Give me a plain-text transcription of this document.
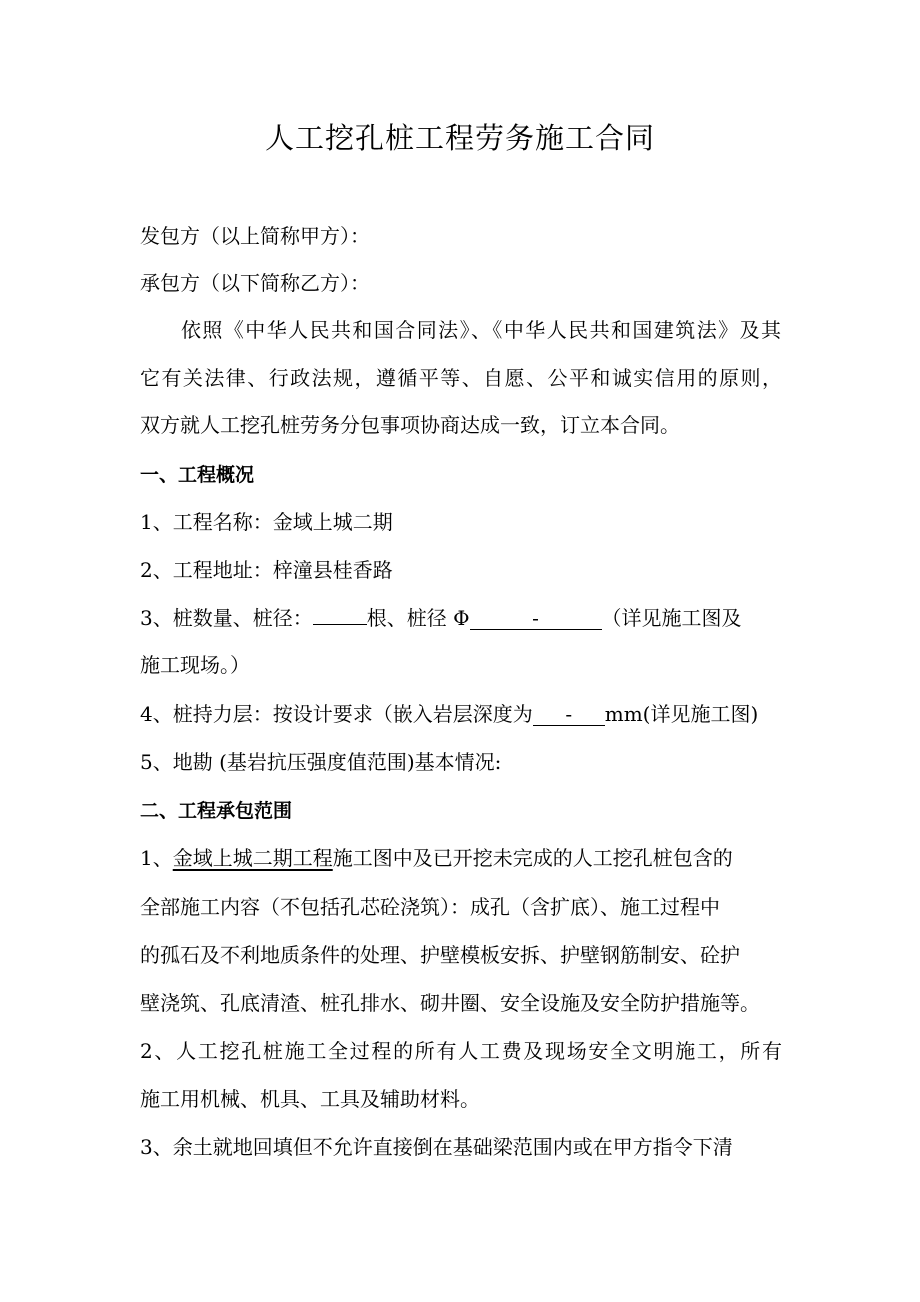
人工挖孔桩工程劳务施工合同
发包方（以上简称甲方）：
承包方（以下简称乙方）：
依照《中华人民共和国合同法》、《中华人民共和国建筑法》及其
它有关法律、行政法规，遵循平等、自愿、公平和诚实信用的原则，
双方就人工挖孔桩劳务分包事项协商达成一致，订立本合同。
一、工程概况
1、工程名称：金域上城二期
2、工程地址：梓潼县桂香路
3、桩数量、桩径：	根、桩径 Φ	-	（详见施工图及
施工现场。）
4、桩持力层：按设计要求（嵌入岩层深度为 - mm(详见施工图)
5、地勘 (基岩抗压强度值范围)基本情况:
二、工程承包范围
1、金域上城二期工程施工图中及已开挖未完成的人工挖孔桩包含的
全部施工内容（不包括孔芯砼浇筑）：成孔（含扩底）、施工过程中
的孤石及不利地质条件的处理、护壁模板安拆、护壁钢筋制安、砼护
壁浇筑、孔底清渣、桩孔排水、砌井圈、安全设施及安全防护措施等。
2、人工挖孔桩施工全过程的所有人工费及现场安全文明施工，所有
施工用机械、机具、工具及辅助材料。
3、余土就地回填但不允许直接倒在基础梁范围内或在甲方指令下清
